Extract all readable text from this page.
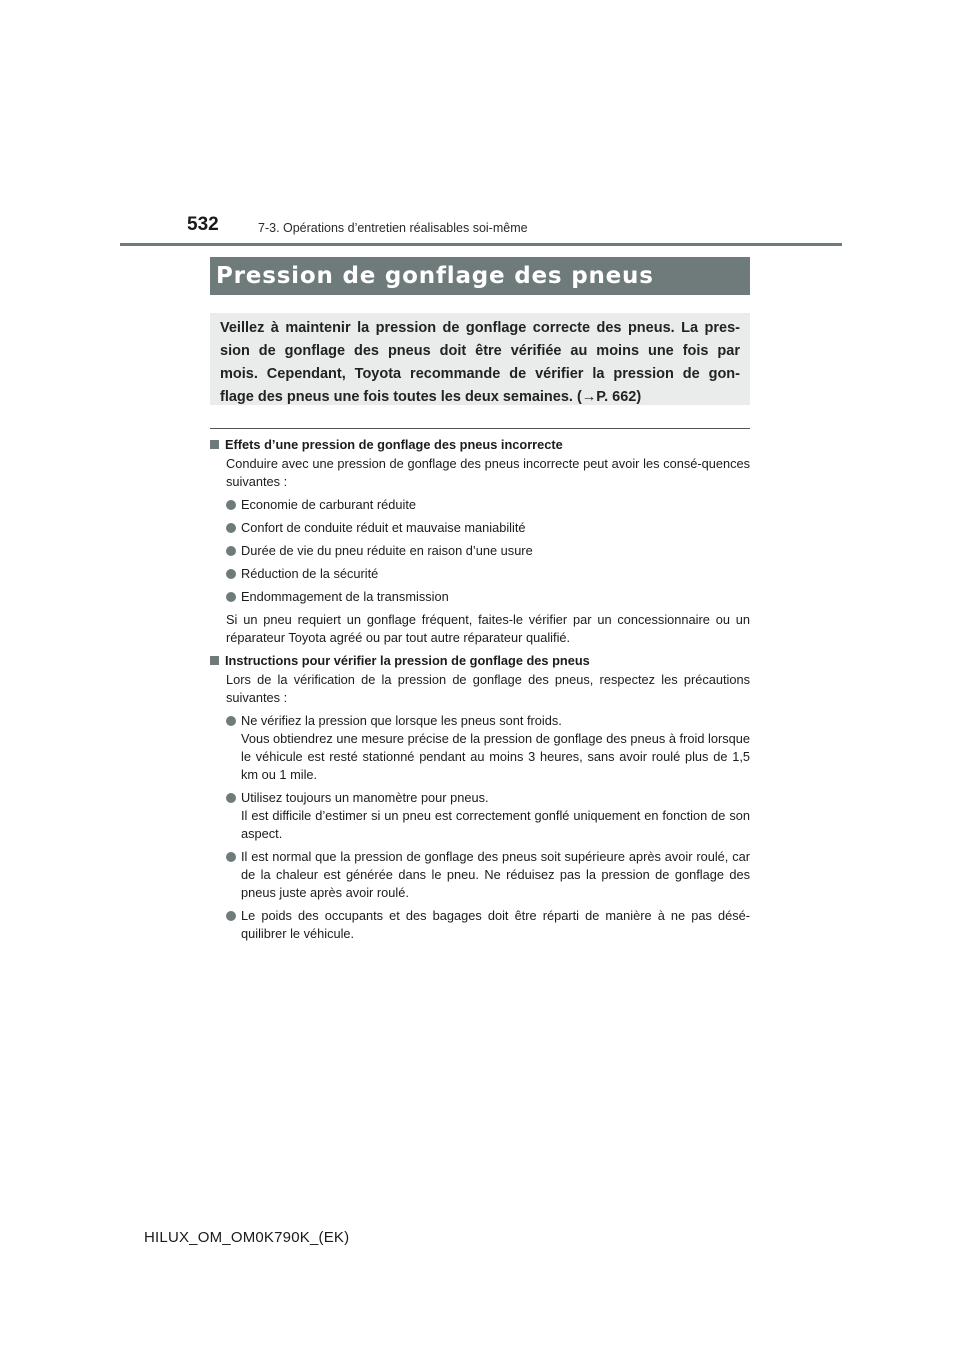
532	7-3. Opérations d’entretien réalisables soi-même
Pression de gonflage des pneus
Veillez à maintenir la pression de gonflage correcte des pneus. La pres-
sion de gonflage des pneus doit être vérifiée au moins une fois par
mois. Cependant, Toyota recommande de vérifier la pression de gon-
flage des pneus une fois toutes les deux semaines. (→P. 662)
Effets d’une pression de gonflage des pneus incorrecte
Conduire avec une pression de gonflage des pneus incorrecte peut avoir les consé-quences suivantes :
Economie de carburant réduite
Confort de conduite réduit et mauvaise maniabilité
Durée de vie du pneu réduite en raison d’une usure
Réduction de la sécurité
Endommagement de la transmission
Si un pneu requiert un gonflage fréquent, faites-le vérifier par un concessionnaire ou un réparateur Toyota agréé ou par tout autre réparateur qualifié.
Instructions pour vérifier la pression de gonflage des pneus
Lors de la vérification de la pression de gonflage des pneus, respectez les précautions suivantes :
Ne vérifiez la pression que lorsque les pneus sont froids.
Vous obtiendrez une mesure précise de la pression de gonflage des pneus à froid lorsque le véhicule est resté stationné pendant au moins 3 heures, sans avoir roulé plus de 1,5 km ou 1 mile.
Utilisez toujours un manomètre pour pneus.
Il est difficile d’estimer si un pneu est correctement gonflé uniquement en fonction de son aspect.
Il est normal que la pression de gonflage des pneus soit supérieure après avoir roulé, car de la chaleur est générée dans le pneu. Ne réduisez pas la pression de gonflage des pneus juste après avoir roulé.
Le poids des occupants et des bagages doit être réparti de manière à ne pas désé-quilibrer le véhicule.
HILUX_OM_OM0K790K_(EK)
